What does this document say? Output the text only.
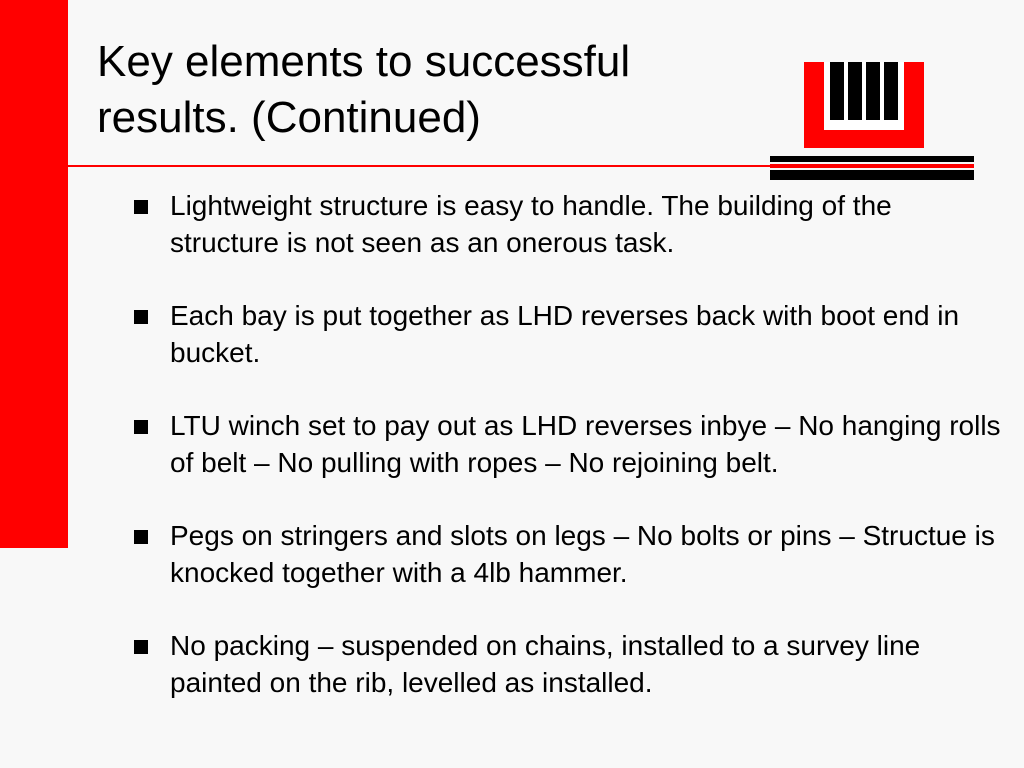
Key elements to successful
results. (Continued)
Lightweight structure is easy to handle. The building of the structure is not seen as an onerous task.
Each bay is put together as LHD reverses back with boot end in bucket.
LTU winch set to pay out as LHD reverses inbye – No hanging rolls of belt – No pulling with ropes – No rejoining belt.
Pegs on stringers and slots on legs – No bolts or pins – Structue is knocked together with a 4lb hammer.
No packing – suspended on chains, installed to a survey line painted on the rib, levelled as installed.
